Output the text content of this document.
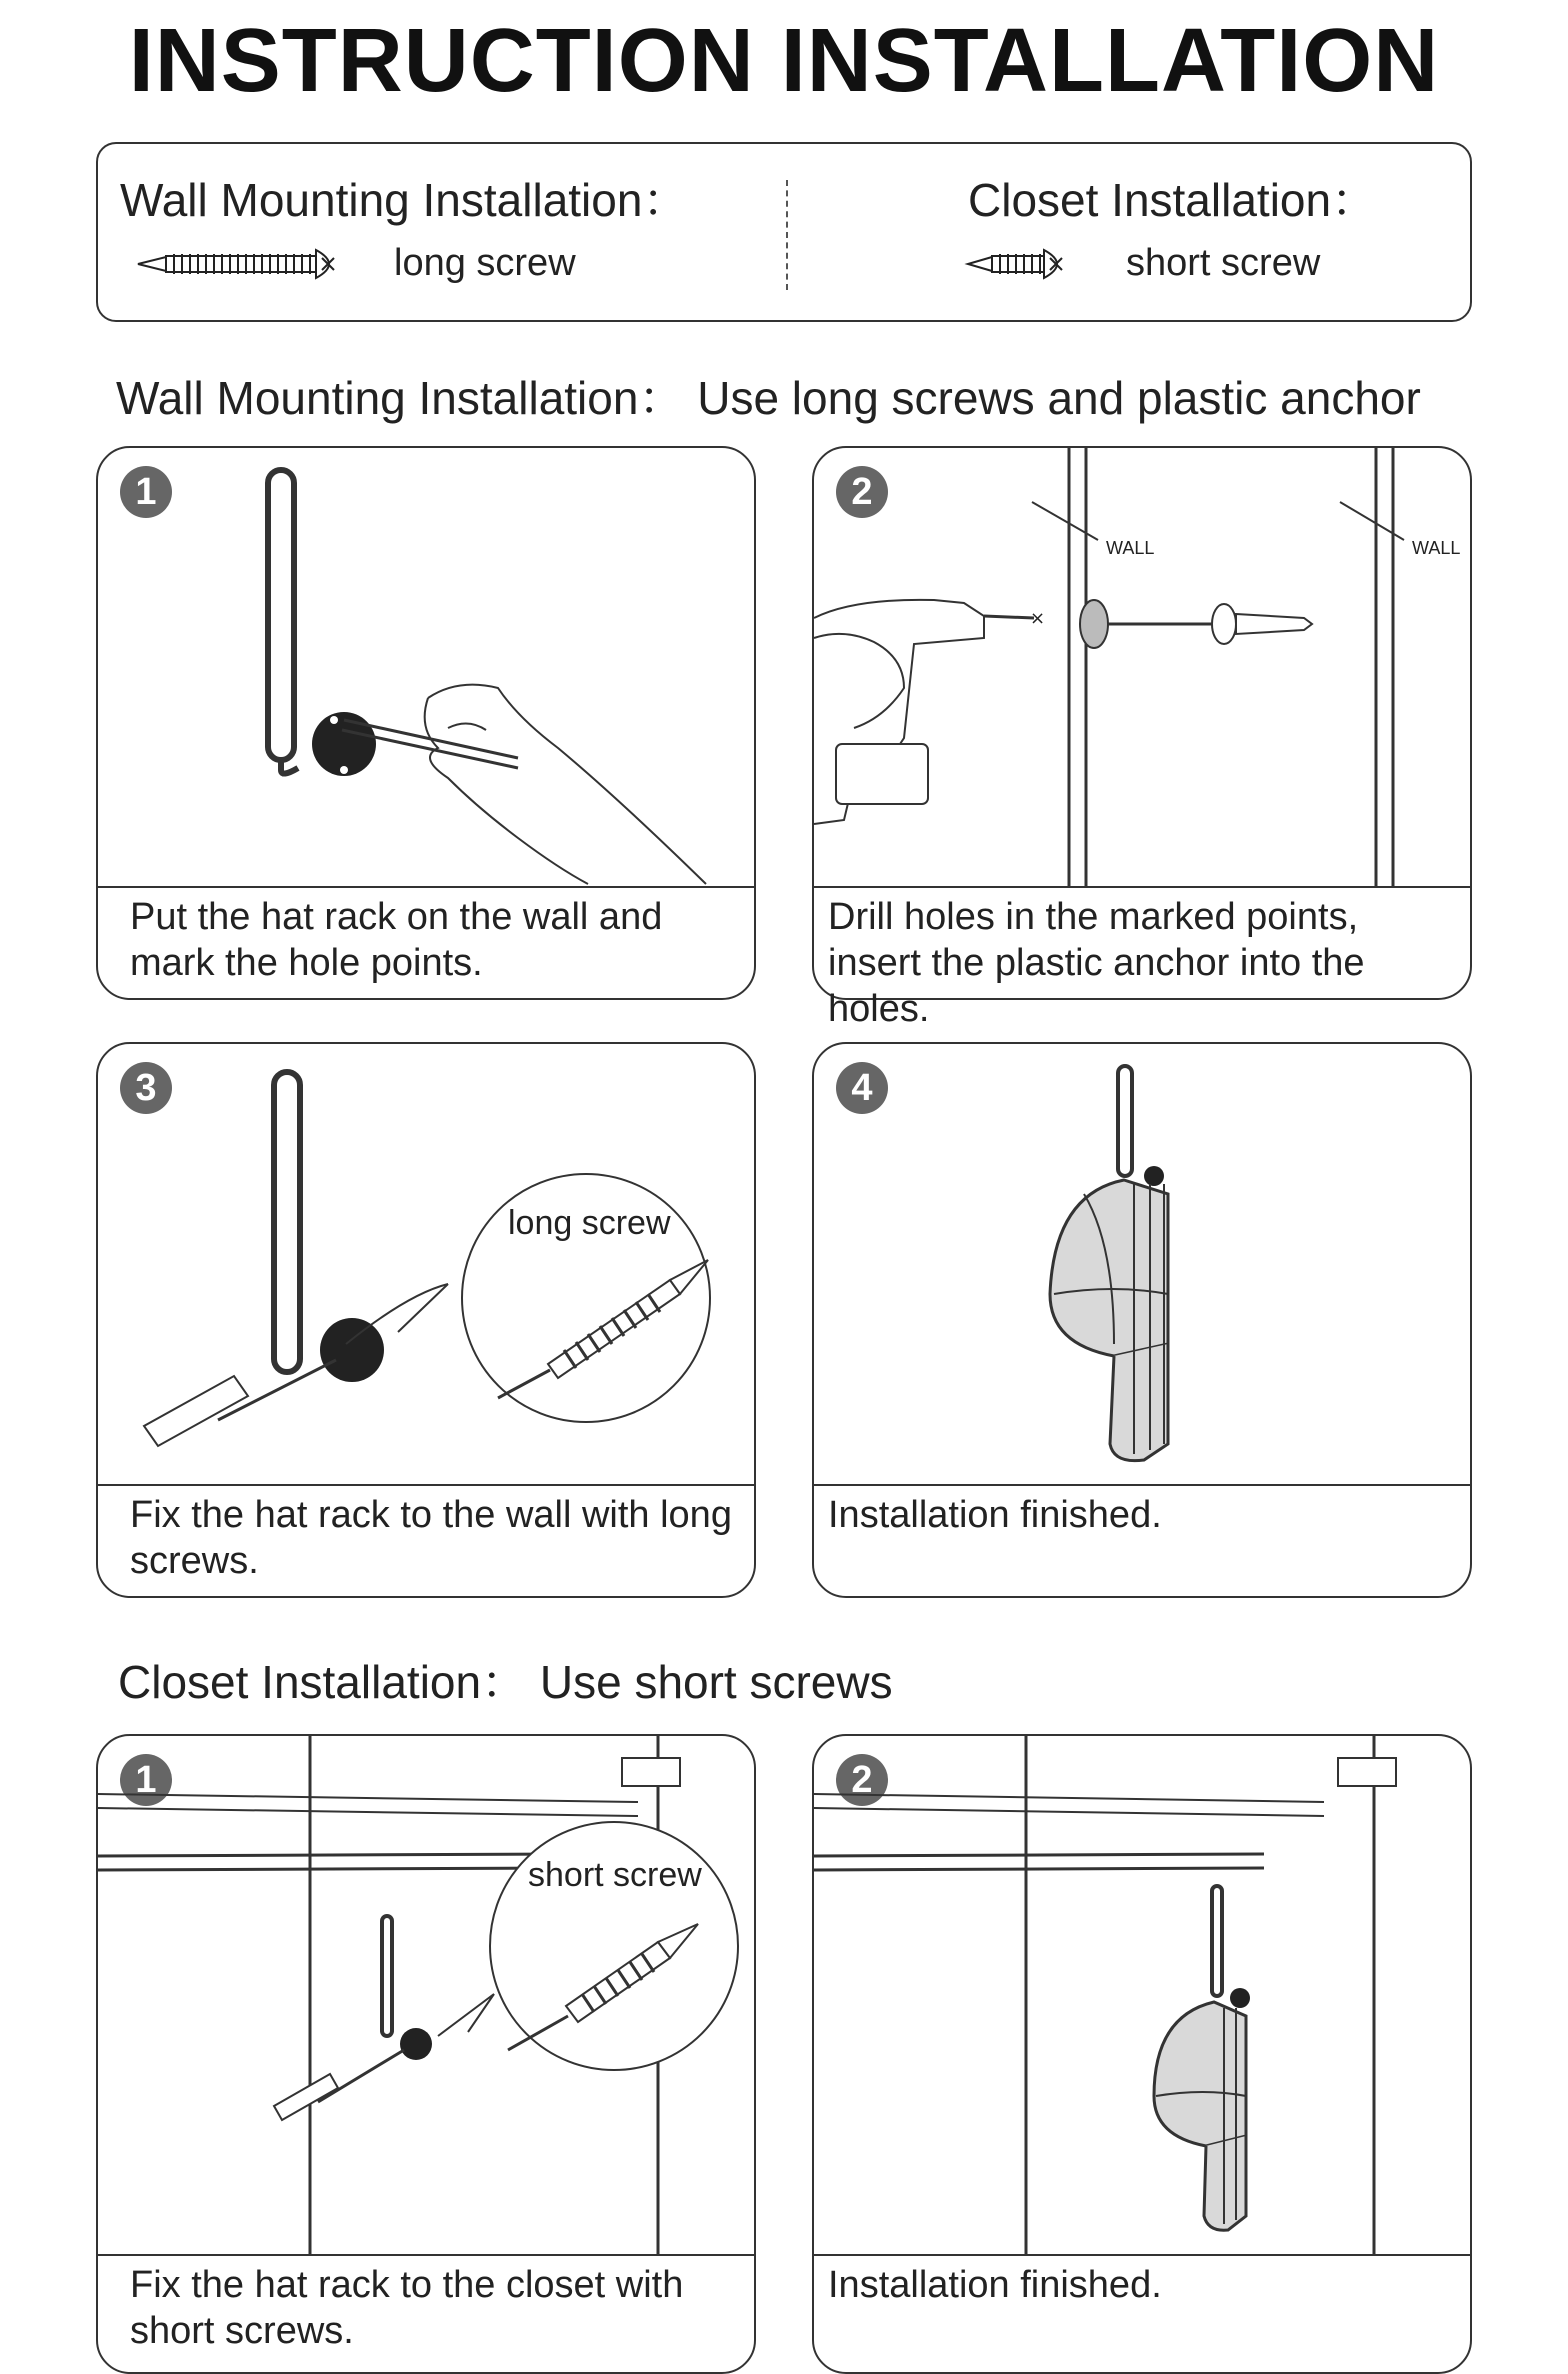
INSTRUCTION INSTALLATION
Wall Mounting Installation：
long screw
Closet Installation：
short screw
Wall Mounting Installation： Use long screws and plastic anchor
1
Put the hat rack on the wall and mark the hole points.
2
WALL	WALL
×
Drill holes in the marked points, insert the plastic anchor into the holes.
3
long screw
Fix the hat rack to the wall with long screws.
4
Installation finished.
Closet Installation： Use short screws
1
short screw
Fix the hat rack to the closet with short screws.
2
Installation finished.
